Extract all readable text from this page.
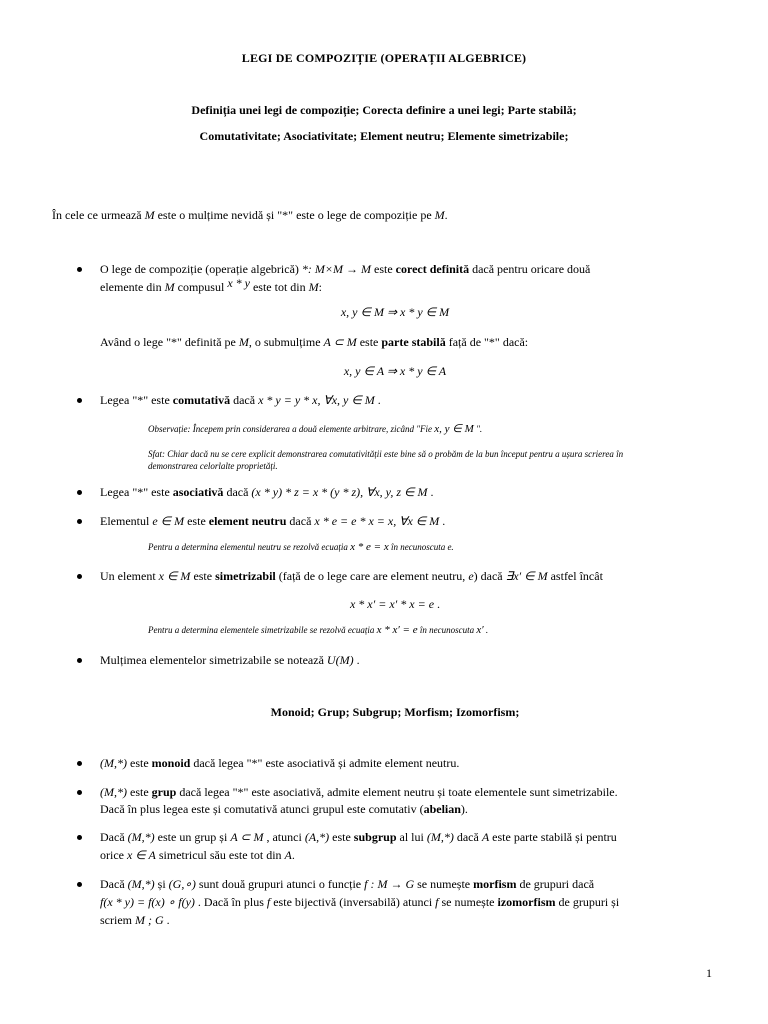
LEGI DE COMPOZIȚIE (OPERAȚII ALGEBRICE)
Definiția unei legi de compoziție; Corecta definire a unei legi; Parte stabilă;
Comutativitate; Asociativitate; Element neutru; Elemente simetrizabile;
În cele ce urmează M este o mulțime nevidă și "*" este o lege de compoziție pe M.
O lege de compoziție (operație algebrică) *: M×M → M este corect definită dacă pentru oricare două
elemente din M compusul x * y este tot din M:
x, y ∈ M ⇒ x * y ∈ M
Având o lege "*" definită pe M, o submulțime A ⊂ M este parte stabilă față de "*" dacă:
x, y ∈ A ⇒ x * y ∈ A
Legea "*" este comutativă dacă x * y = y * x, ∀x, y ∈ M .
Observație: Începem prin considerarea a două elemente arbitrare, zicând "Fie x, y ∈ M ".
Sfat: Chiar dacă nu se cere explicit demonstrarea comutativității este bine să o probăm de la bun început pentru a ușura scrierea în
demonstrarea celorlalte proprietăți.
Legea "*" este asociativă dacă (x * y) * z = x * (y * z), ∀x, y, z ∈ M .
Elementul e ∈ M este element neutru dacă x * e = e * x = x, ∀x ∈ M .
Pentru a determina elementul neutru se rezolvă ecuația x * e = x în necunoscuta e.
Un element x ∈ M este simetrizabil (față de o lege care are element neutru, e) dacă ∃x′ ∈ M astfel încât
x * x′ = x′ * x = e .
Pentru a determina elementele simetrizabile se rezolvă ecuația x * x′ = e în necunoscuta x′ .
Mulțimea elementelor simetrizabile se notează U(M) .
Monoid; Grup; Subgrup; Morfism; Izomorfism;
(M,*) este monoid dacă legea "*" este asociativă și admite element neutru.
(M,*) este grup dacă legea "*" este asociativă, admite element neutru și toate elementele sunt simetrizabile.
Dacă în plus legea este și comutativă atunci grupul este comutativ (abelian).
Dacă (M,*) este un grup și A ⊂ M , atunci (A,*) este subgrup al lui (M,*) dacă A este parte stabilă și pentru
orice x ∈ A simetricul său este tot din A.
Dacă (M,*) și (G,∘) sunt două grupuri atunci o funcție f : M → G se numește morfism de grupuri dacă
f(x * y) = f(x) ∘ f(y) . Dacă în plus f este bijectivă (inversabilă) atunci f se numește izomorfism de grupuri și
scriem M ; G .
1
